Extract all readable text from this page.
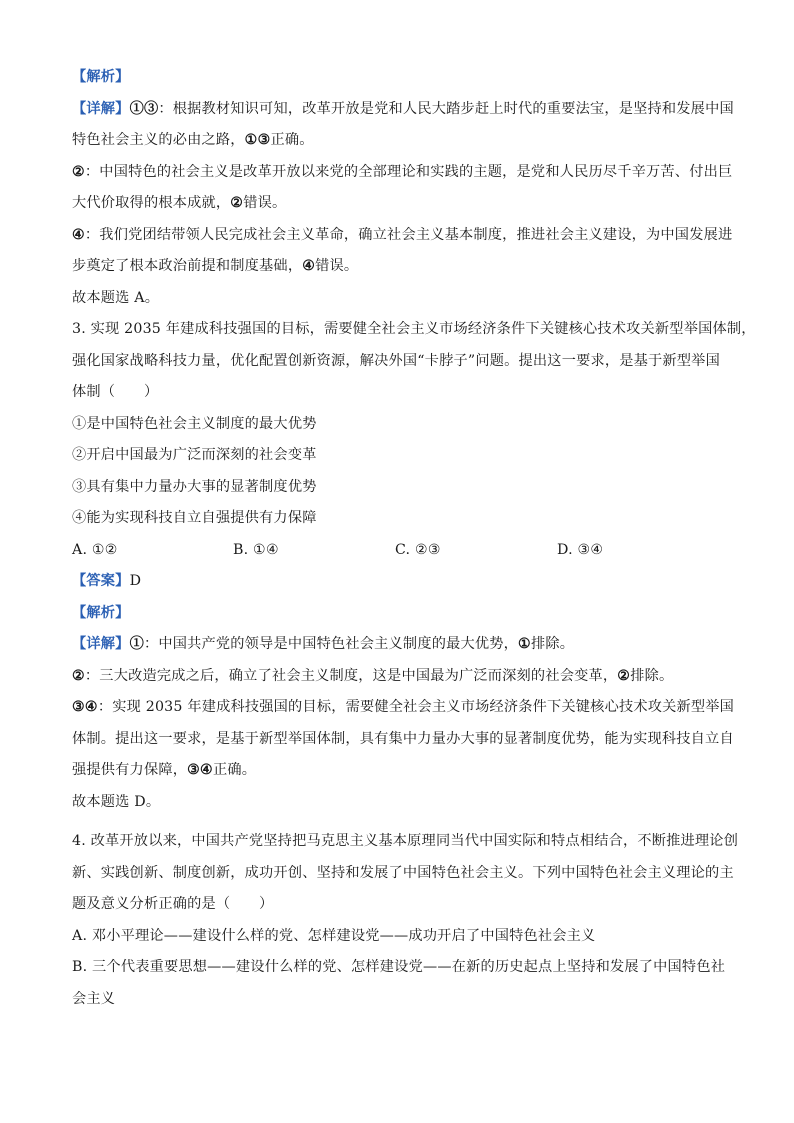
【解析】
【详解】①③：根据教材知识可知，改革开放是党和人民大踏步赶上时代的重要法宝，是坚持和发展中国
特色社会主义的必由之路，①③正确。
②：中国特色的社会主义是改革开放以来党的全部理论和实践的主题，是党和人民历尽千辛万苦、付出巨
大代价取得的根本成就，②错误。
④：我们党团结带领人民完成社会主义革命，确立社会主义基本制度，推进社会主义建设，为中国发展进
步奠定了根本政治前提和制度基础，④错误。
故本题选 A。
3. 实现 2035 年建成科技强国的目标，需要健全社会主义市场经济条件下关键核心技术攻关新型举国体制，
强化国家战略科技力量，优化配置创新资源，解决外国“卡脖子”问题。提出这一要求，是基于新型举国
体制（　　）
①是中国特色社会主义制度的最大优势
②开启中国最为广泛而深刻的社会变革
③具有集中力量办大事的显著制度优势
④能为实现科技自立自强提供有力保障
A. ①②	B. ①④	C. ②③	D. ③④
【答案】D
【解析】
【详解】①：中国共产党的领导是中国特色社会主义制度的最大优势，①排除。
②：三大改造完成之后，确立了社会主义制度，这是中国最为广泛而深刻的社会变革，②排除。
③④：实现 2035 年建成科技强国的目标，需要健全社会主义市场经济条件下关键核心技术攻关新型举国
体制。提出这一要求，是基于新型举国体制，具有集中力量办大事的显著制度优势，能为实现科技自立自
强提供有力保障，③④正确。
故本题选 D。
4. 改革开放以来，中国共产党坚持把马克思主义基本原理同当代中国实际和特点相结合，不断推进理论创
新、实践创新、制度创新，成功开创、坚持和发展了中国特色社会主义。下列中国特色社会主义理论的主
题及意义分析正确的是（　　）
A. 邓小平理论——建设什么样的党、怎样建设党——成功开启了中国特色社会主义
B. 三个代表重要思想——建设什么样的党、怎样建设党——在新的历史起点上坚持和发展了中国特色社
会主义
